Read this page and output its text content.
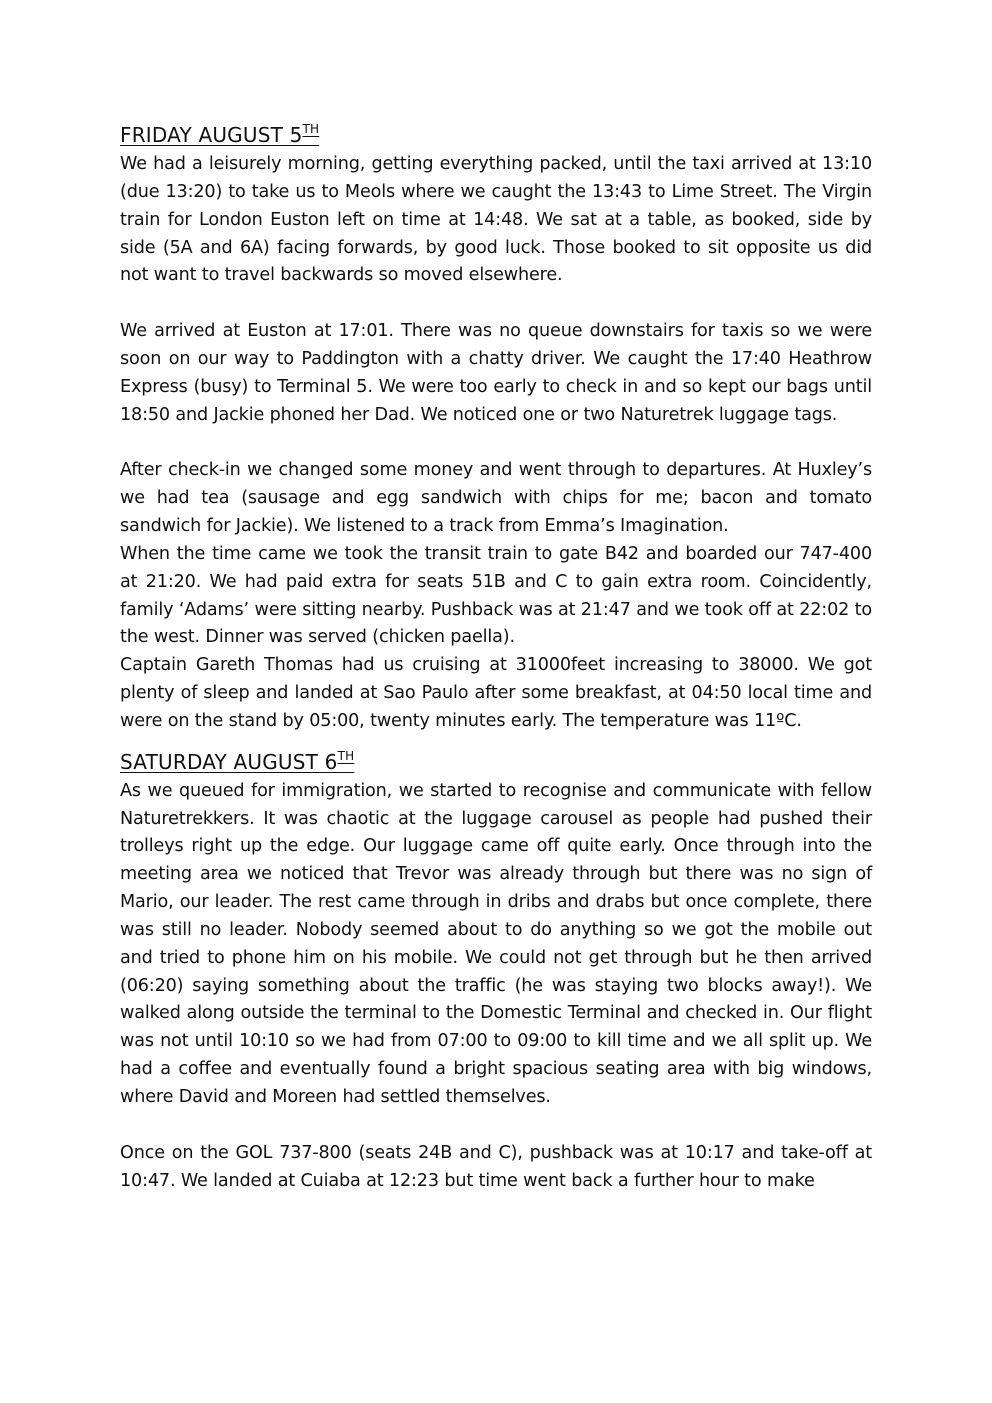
FRIDAY AUGUST 5TH

We had a leisurely morning, getting everything packed, until the taxi arrived at 13:10 (due 13:20) to take us to Meols where we caught the 13:43 to Lime Street. The Virgin train for London Euston left on time at 14:48. We sat at a table, as booked, side by side (5A and 6A) facing forwards, by good luck. Those booked to sit opposite us did not want to travel backwards so moved elsewhere.

We arrived at Euston at 17:01. There was no queue downstairs for taxis so we were soon on our way to Paddington with a chatty driver. We caught the 17:40 Heathrow Express (busy) to Terminal 5. We were too early to check in and so kept our bags until 18:50 and Jackie phoned her Dad. We noticed one or two Naturetrek luggage tags.

After check-in we changed some money and went through to departures. At Huxley’s we had tea (sausage and egg sandwich with chips for me; bacon and tomato sandwich for Jackie). We listened to a track from Emma’s Imagination.

When the time came we took the transit train to gate B42 and boarded our 747-400 at 21:20. We had paid extra for seats 51B and C to gain extra room. Coincidently, family ‘Adams’ were sitting nearby. Pushback was at 21:47 and we took off at 22:02 to the west. Dinner was served (chicken paella).

Captain Gareth Thomas had us cruising at 31000feet increasing to 38000. We got plenty of sleep and landed at Sao Paulo after some breakfast, at 04:50 local time and were on the stand by 05:00, twenty minutes early. The temperature was 11ºC.

SATURDAY AUGUST 6TH

As we queued for immigration, we started to recognise and communicate with fellow Naturetrekkers. It was chaotic at the luggage carousel as people had pushed their trolleys right up the edge. Our luggage came off quite early. Once through into the meeting area we noticed that Trevor was already through but there was no sign of Mario, our leader. The rest came through in dribs and drabs but once complete, there was still no leader. Nobody seemed about to do anything so we got the mobile out and tried to phone him on his mobile. We could not get through but he then arrived (06:20) saying something about the traffic (he was staying two blocks away!). We walked along outside the terminal to the Domestic Terminal and checked in. Our flight was not until 10:10 so we had from 07:00 to 09:00 to kill time and we all split up. We had a coffee and eventually found a bright spacious seating area with big windows, where David and Moreen had settled themselves.

Once on the GOL 737-800 (seats 24B and C), pushback was at 10:17 and take-off at 10:47. We landed at Cuiaba at 12:23 but time went back a further hour to make
